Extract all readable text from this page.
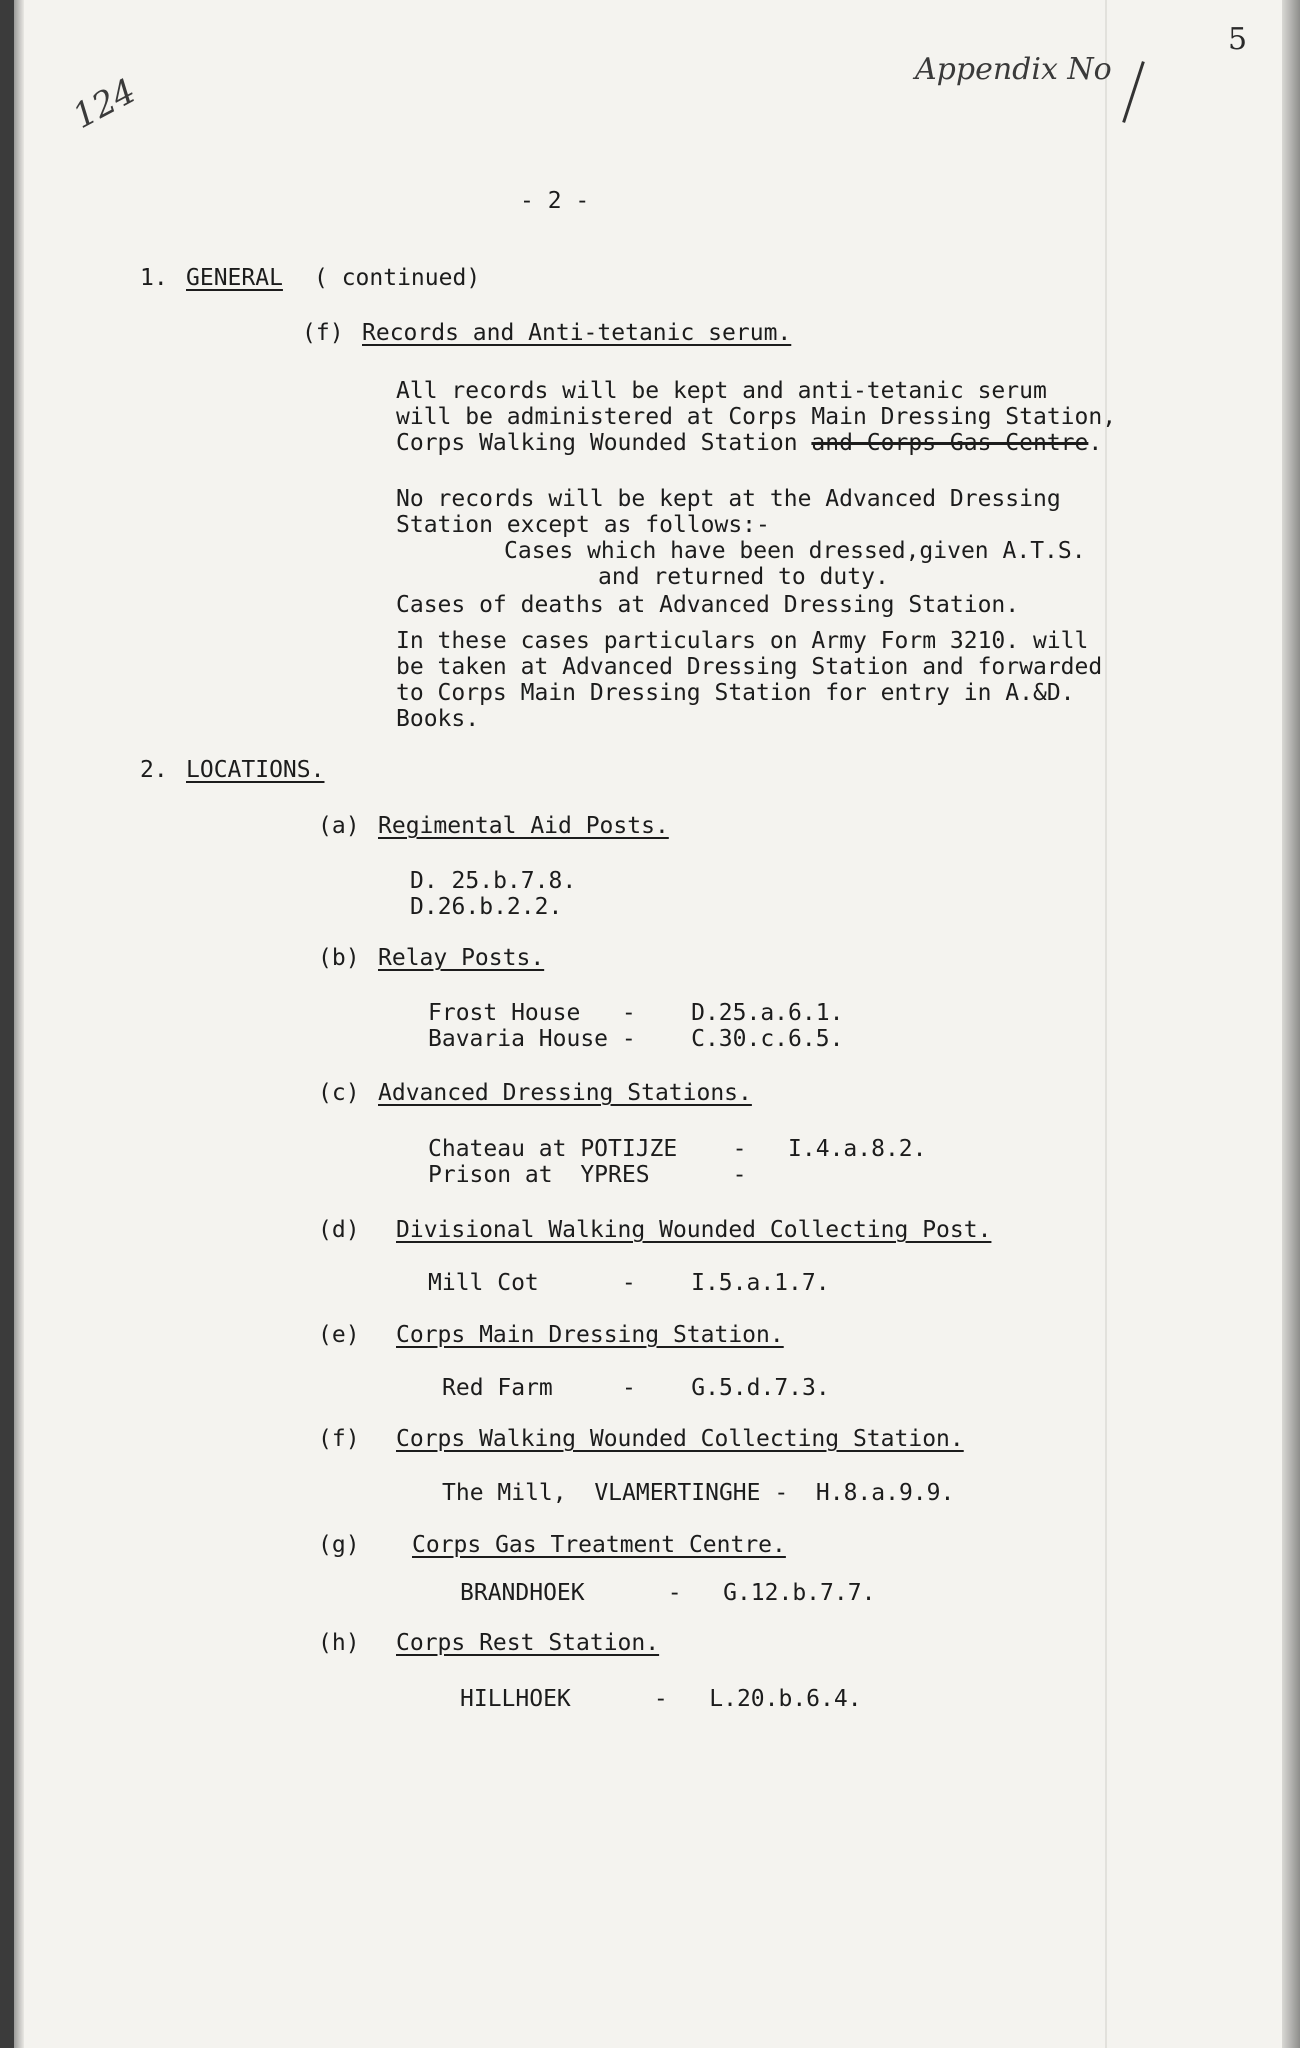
124
Appendix No
5
- 2 -
1. GENERAL ( continued)
(f) Records and Anti-tetanic serum.
All records will be kept and anti-tetanic serum
will be administered at Corps Main Dressing Station,
Corps Walking Wounded Station and Corps Gas Centre.
No records will be kept at the Advanced Dressing
Station except as follows:-
Cases which have been dressed,given A.T.S.
and returned to duty.
Cases of deaths at Advanced Dressing Station.
In these cases particulars on Army Form 3210. will
be taken at Advanced Dressing Station and forwarded
to Corps Main Dressing Station for entry in A.&D.
Books.
2. LOCATIONS.
(a) Regimental Aid Posts.
D. 25.b.7.8.
D.26.b.2.2.
(b) Relay Posts.
Frost House   -    D.25.a.6.1.
Bavaria House -    C.30.c.6.5.
(c) Advanced Dressing Stations.
Chateau at POTIJZE    -   I.4.a.8.2.
Prison at  YPRES      -
(d) Divisional Walking Wounded Collecting Post.
Mill Cot      -    I.5.a.1.7.
(e) Corps Main Dressing Station.
Red Farm     -    G.5.d.7.3.
(f) Corps Walking Wounded Collecting Station.
The Mill,  VLAMERTINGHE -  H.8.a.9.9.
(g) Corps Gas Treatment Centre.
BRANDHOEK      -   G.12.b.7.7.
(h) Corps Rest Station.
HILLHOEK      -   L.20.b.6.4.
